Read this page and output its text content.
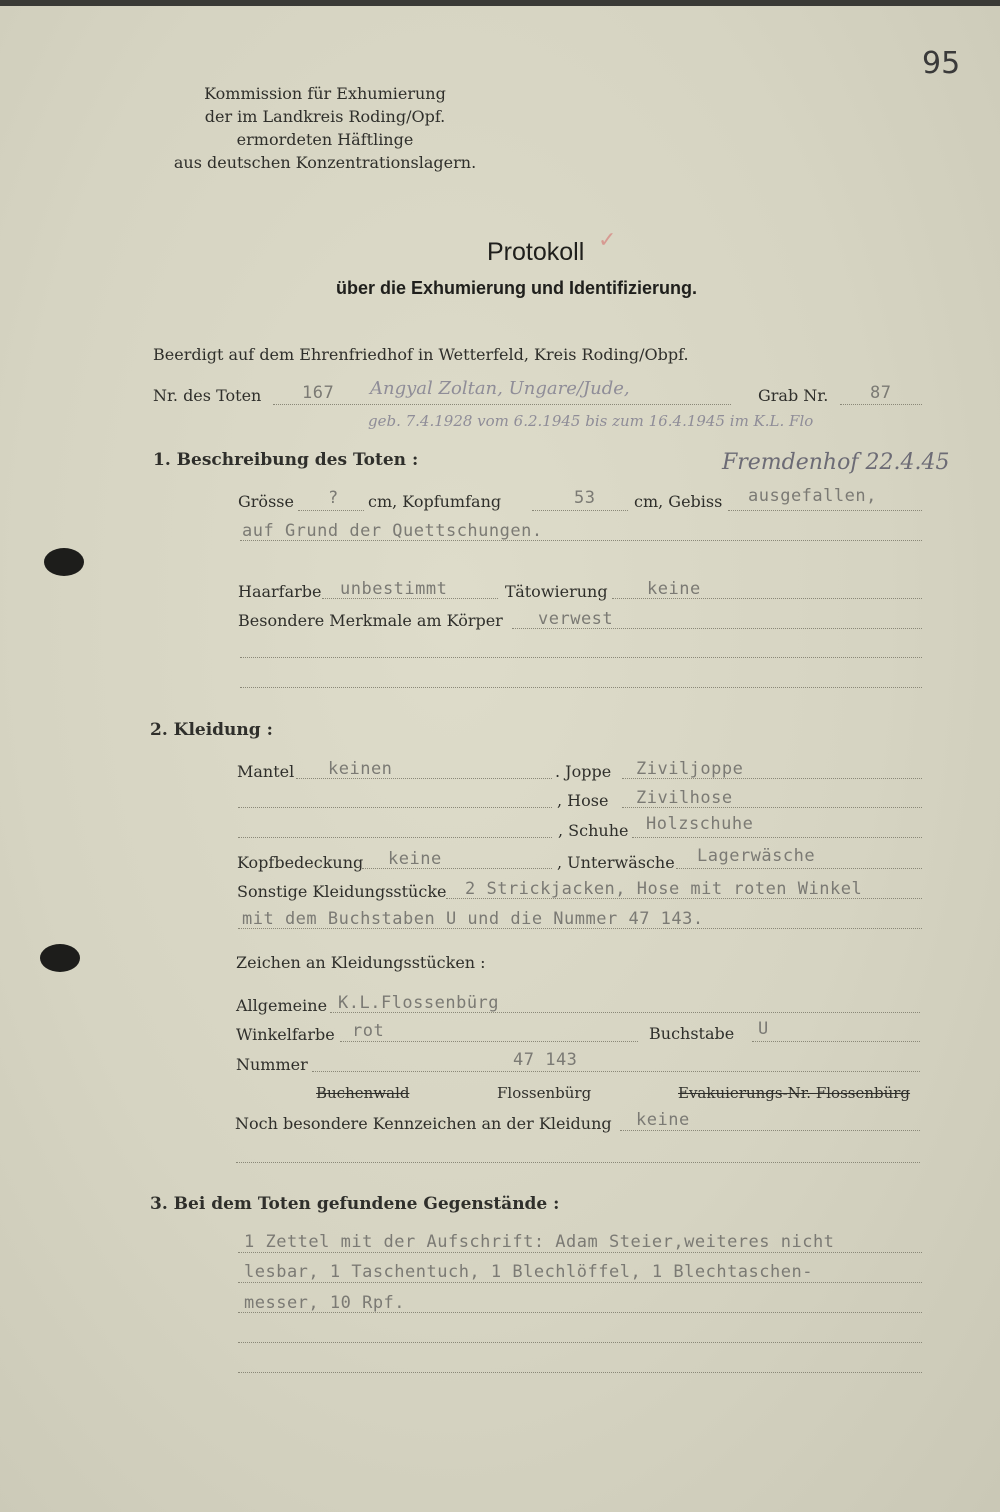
95
Kommission für Exhumierung
der im Landkreis Roding/Opf.
ermordeten Häftlinge
aus deutschen Konzentrationslagern.
Protokoll ✓
über die Exhumierung und Identifizierung.
Beerdigt auf dem Ehrenfriedhof in Wetterfeld, Kreis Roding/Obpf.
Nr. des Toten 167 Angyal Zoltan, Ungare/Jude,	Grab Nr. 87
geb. 7.4.1928 vom 6.2.1945 bis zum 16.4.1945 im K.L. Flo
1. Beschreibung des Toten :	Fremdenhof 22.4.45
Grösse ? cm, Kopfumfang	53 cm, Gebiss ausgefallen,
auf Grund der Quettschungen.
Haarfarbe unbestimmt	Tätowierung keine
Besondere Merkmale am Körper verwest
2. Kleidung :
Mantel keinen	. Joppe Ziviljoppe
, Hose Zivilhose
, Schuhe Holzschuhe
Kopfbedeckung keine	, Unterwäsche Lagerwäsche
Sonstige Kleidungsstücke 2 Strickjacken, Hose mit roten Winkel
mit dem Buchstaben U und die Nummer 47 143.
Zeichen an Kleidungsstücken :
Allgemeine K.L.Flossenbürg
Winkelfarbe rot	Buchstabe U
Nummer	47 143
Buchenwald	Flossenbürg	Evakuierungs-Nr. Flossenbürg
Noch besondere Kennzeichen an der Kleidung keine
3. Bei dem Toten gefundene Gegenstände :
1 Zettel mit der Aufschrift: Adam Steier,weiteres nicht
lesbar, 1 Taschentuch, 1 Blechlöffel, 1 Blechtaschen-
messer, 10 Rpf.
